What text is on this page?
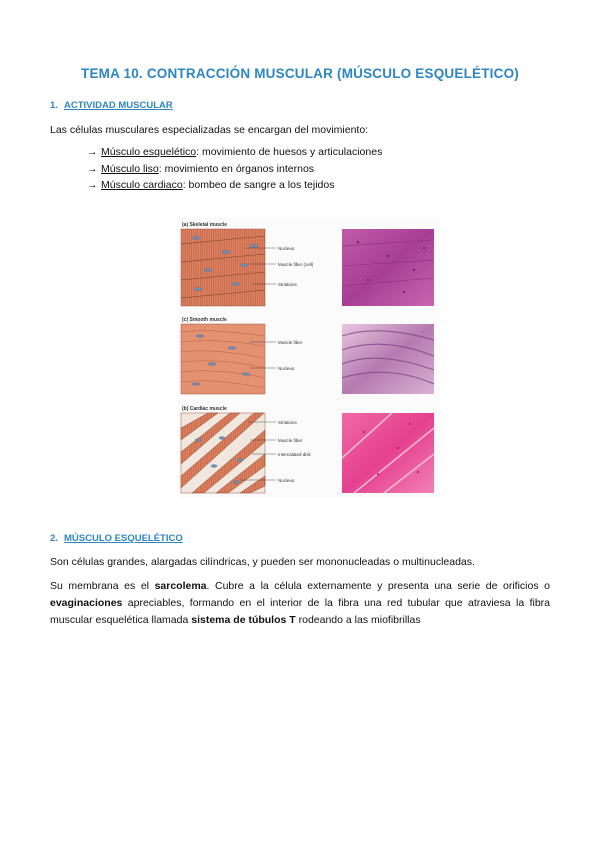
TEMA 10. CONTRACCIÓN MUSCULAR (MÚSCULO ESQUELÉTICO)
1. ACTIVIDAD MUSCULAR
Las células musculares especializadas se encargan del movimiento:
→ Músculo esquelético: movimiento de huesos y articulaciones
→ Músculo liso: movimiento en órganos internos
→ Músculo cardiaco: bombeo de sangre a los tejidos
(a) Skeletal muscle
Nucleus
Muscle fiber (cell)
Striations
(c) Smooth muscle
Muscle fiber
Nucleus
(b) Cardiac muscle
Striations
Muscle fiber
Intercalated disk
Nucleus
2. MÚSCULO ESQUELÉTICO
Son células grandes, alargadas cilíndricas, y pueden ser mononucleadas o multinucleadas.
Su membrana es el sarcolema. Cubre a la célula externamente y presenta una serie de orificios o evaginaciones apreciables, formando en el interior de la fibra una red tubular que atraviesa la fibra muscular esquelética llamada sistema de túbulos T rodeando a las miofibrillas
